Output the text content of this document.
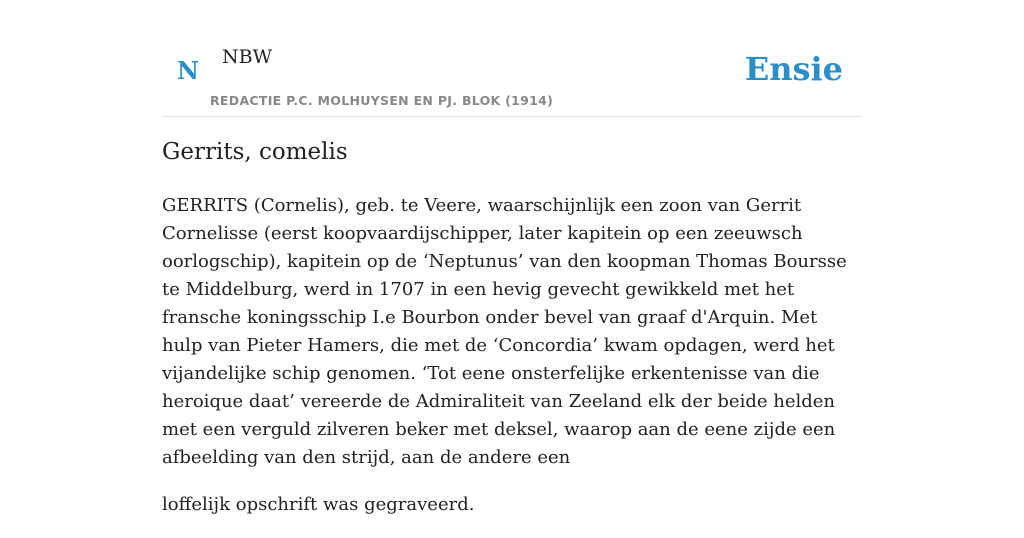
N NBW
REDACTIE P.C. MOLHUYSEN EN PJ. BLOK (1914)
Ensie
Gerrits, comelis

GERRITS (Cornelis), geb. te Veere, waarschijnlijk een zoon van Gerrit Cornelisse (eerst koopvaardijschipper, later kapitein op een zeeuwsch oorlogschip), kapitein op de ‘Neptunus’ van den koopman Thomas Boursse te Middelburg, werd in 1707 in een hevig gevecht gewikkeld met het fransche koningsschip I.e Bourbon onder bevel van graaf d'Arquin. Met hulp van Pieter Hamers, die met de ‘Concordia’ kwam opdagen, werd het vijandelijke schip genomen. ‘Tot eene onsterfelijke erkentenisse van die heroique daat’ vereerde de Admiraliteit van Zeeland elk der beide helden met een verguld zilveren beker met deksel, waarop aan de eene zijde een afbeelding van den strijd, aan de andere een

loffelijk opschrift was gegraveerd.
